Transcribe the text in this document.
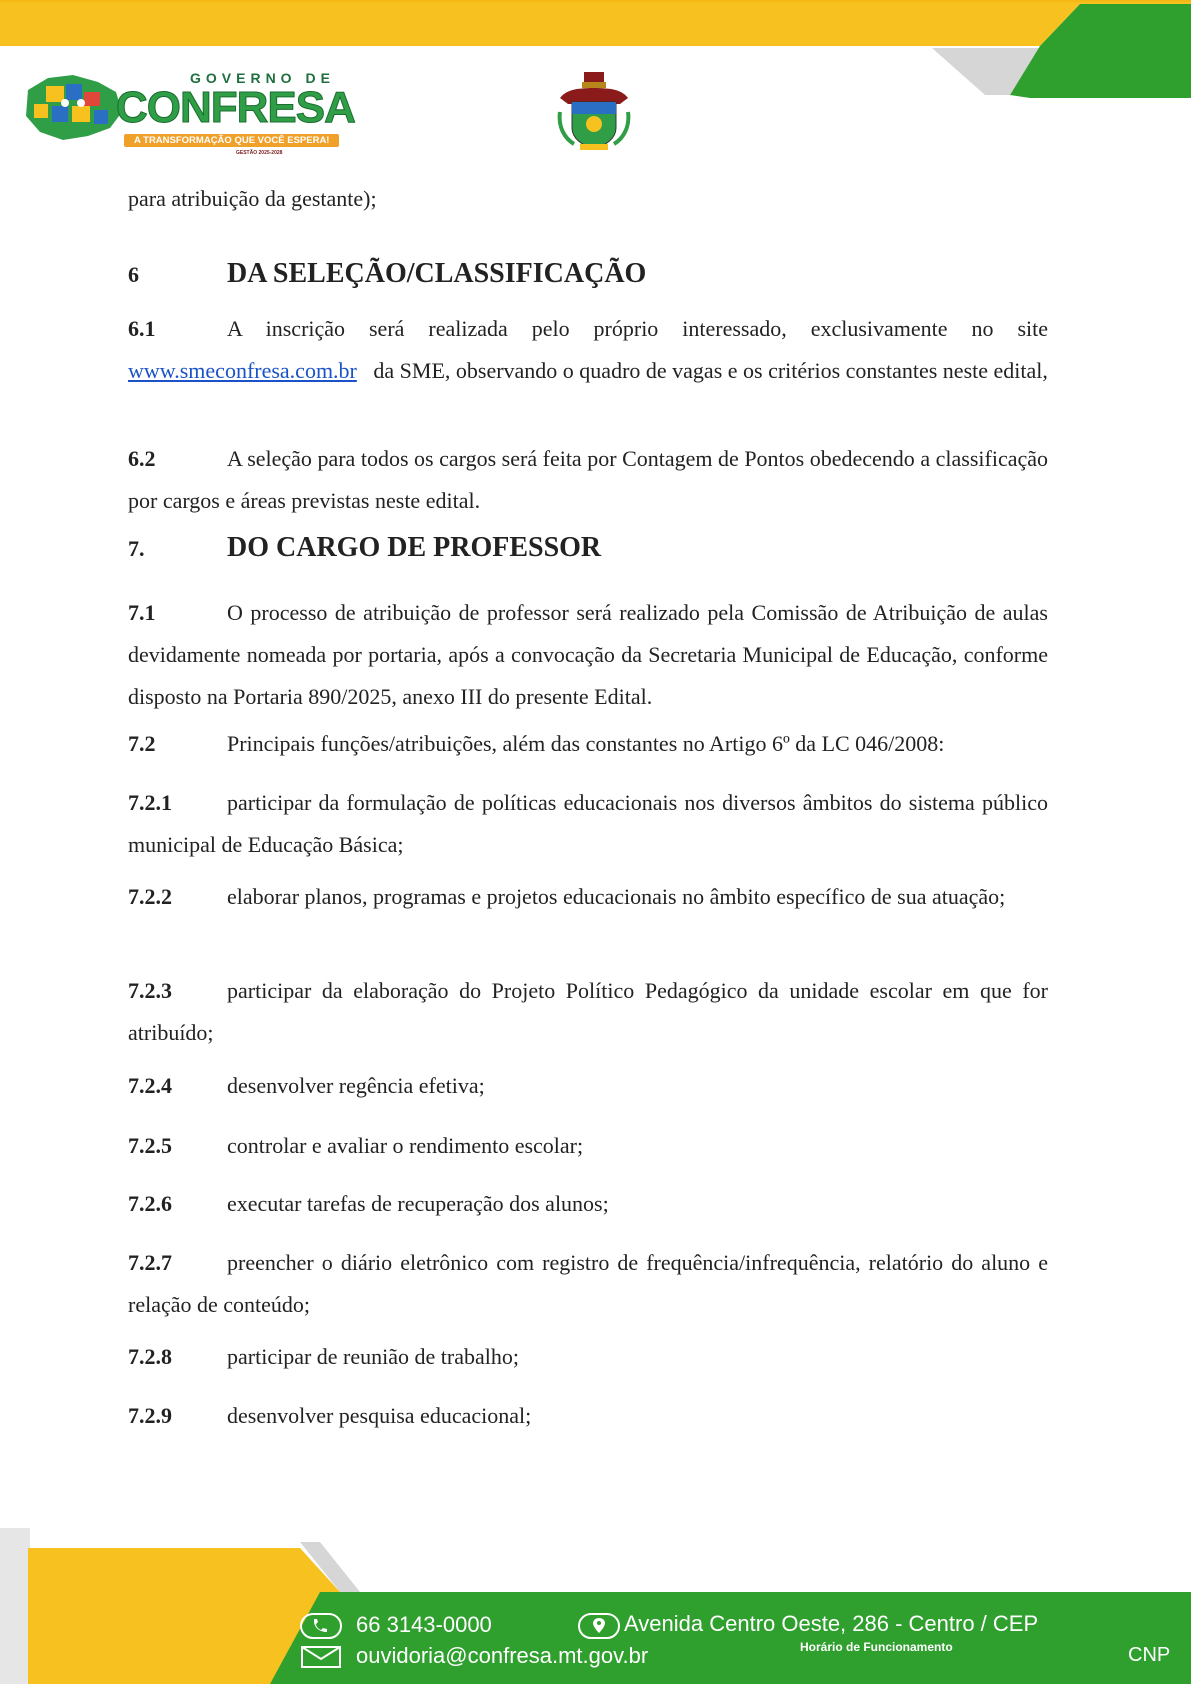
GOVERNO DE
CONFRESA
A TRANSFORMAÇÃO QUE VOCÊ ESPERA!
GESTÃO 2025-2028
para atribuição da gestante);
6	DA SELEÇÃO/CLASSIFICAÇÃO
6.1	A inscrição será realizada pelo próprio interessado, exclusivamente no site www.smeconfresa.com.br da SME, observando o quadro de vagas e os critérios constantes neste edital,
6.2	A seleção para todos os cargos será feita por Contagem de Pontos obedecendo a classificação por cargos e áreas previstas neste edital.
7.	DO CARGO DE PROFESSOR
7.1	O processo de atribuição de professor será realizado pela Comissão de Atribuição de aulas devidamente nomeada por portaria, após a convocação da Secretaria Municipal de Educação, conforme disposto na Portaria 890/2025, anexo III do presente Edital.
7.2	Principais funções/atribuições, além das constantes no Artigo 6º da LC 046/2008:
7.2.1	participar da formulação de políticas educacionais nos diversos âmbitos do sistema público municipal de Educação Básica;
7.2.2	elaborar planos, programas e projetos educacionais no âmbito específico de sua atuação;
7.2.3	participar da elaboração do Projeto Político Pedagógico da unidade escolar em que for atribuído;
7.2.4	desenvolver regência efetiva;
7.2.5	controlar e avaliar o rendimento escolar;
7.2.6	executar tarefas de recuperação dos alunos;
7.2.7	preencher o diário eletrônico com registro de frequência/infrequência, relatório do aluno e relação de conteúdo;
7.2.8	participar de reunião de trabalho;
7.2.9	desenvolver pesquisa educacional;
66 3143-0000	Avenida Centro Oeste, 286 - Centro / CEP
ouvidoria@confresa.mt.gov.br	Horário de Funcionamento	CNP
